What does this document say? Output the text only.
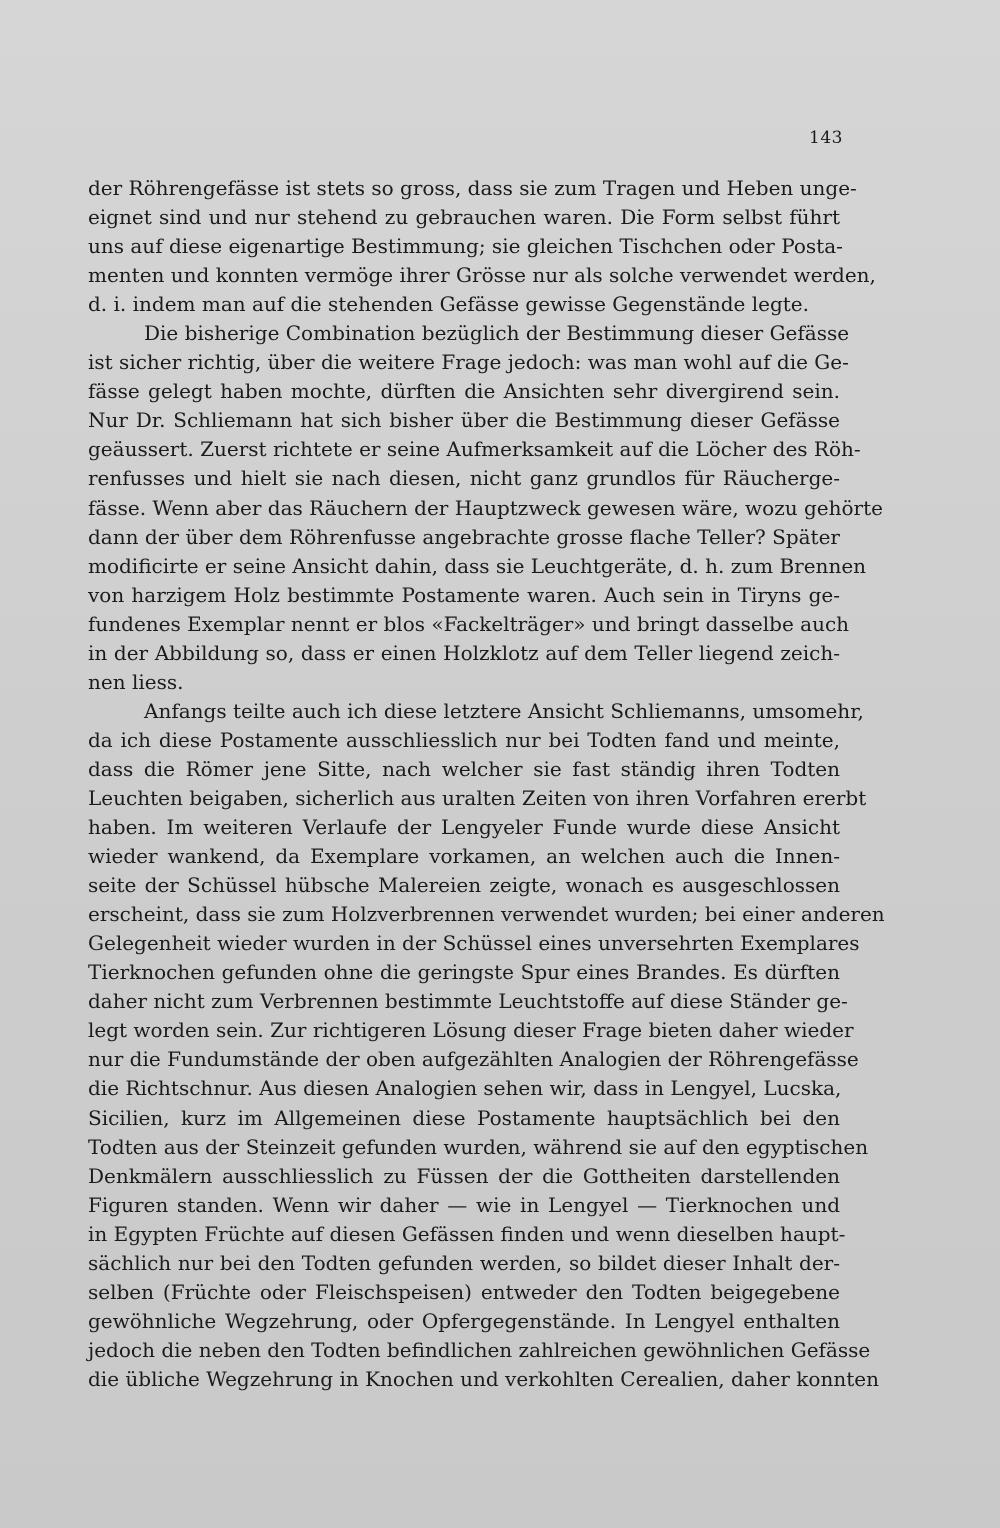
143
der Röhrengefässe ist stets so gross, dass sie zum Tragen und Heben unge-
eignet sind und nur stehend zu gebrauchen waren. Die Form selbst führt
uns auf diese eigenartige Bestimmung; sie gleichen Tischchen oder Posta-
menten und konnten vermöge ihrer Grösse nur als solche verwendet werden,
d. i. indem man auf die stehenden Gefässe gewisse Gegenstände legte.
Die bisherige Combination bezüglich der Bestimmung dieser Gefässe
ist sicher richtig, über die weitere Frage jedoch: was man wohl auf die Ge-
fässe gelegt haben mochte, dürften die Ansichten sehr divergirend sein.
Nur Dr. Schliemann hat sich bisher über die Bestimmung dieser Gefässe
geäussert. Zuerst richtete er seine Aufmerksamkeit auf die Löcher des Röh-
renfusses und hielt sie nach diesen, nicht ganz grundlos für Räucherge-
fässe. Wenn aber das Räuchern der Hauptzweck gewesen wäre, wozu gehörte
dann der über dem Röhrenfusse angebrachte grosse flache Teller? Später
modificirte er seine Ansicht dahin, dass sie Leuchtgeräte, d. h. zum Brennen
von harzigem Holz bestimmte Postamente waren. Auch sein in Tiryns ge-
fundenes Exemplar nennt er blos «Fackelträger» und bringt dasselbe auch
in der Abbildung so, dass er einen Holzklotz auf dem Teller liegend zeich-
nen liess.
Anfangs teilte auch ich diese letztere Ansicht Schliemanns, umsomehr,
da ich diese Postamente ausschliesslich nur bei Todten fand und meinte,
dass die Römer jene Sitte, nach welcher sie fast ständig ihren Todten
Leuchten beigaben, sicherlich aus uralten Zeiten von ihren Vorfahren ererbt
haben. Im weiteren Verlaufe der Lengyeler Funde wurde diese Ansicht
wieder wankend, da Exemplare vorkamen, an welchen auch die Innen-
seite der Schüssel hübsche Malereien zeigte, wonach es ausgeschlossen
erscheint, dass sie zum Holzverbrennen verwendet wurden; bei einer anderen
Gelegenheit wieder wurden in der Schüssel eines unversehrten Exemplares
Tierknochen gefunden ohne die geringste Spur eines Brandes. Es dürften
daher nicht zum Verbrennen bestimmte Leuchtstoffe auf diese Ständer ge-
legt worden sein. Zur richtigeren Lösung dieser Frage bieten daher wieder
nur die Fundumstände der oben aufgezählten Analogien der Röhrengefässe
die Richtschnur. Aus diesen Analogien sehen wir, dass in Lengyel, Lucska,
Sicilien, kurz im Allgemeinen diese Postamente hauptsächlich bei den
Todten aus der Steinzeit gefunden wurden, während sie auf den egyptischen
Denkmälern ausschliesslich zu Füssen der die Gottheiten darstellenden
Figuren standen. Wenn wir daher — wie in Lengyel — Tierknochen und
in Egypten Früchte auf diesen Gefässen finden und wenn dieselben haupt-
sächlich nur bei den Todten gefunden werden, so bildet dieser Inhalt der-
selben (Früchte oder Fleischspeisen) entweder den Todten beigegebene
gewöhnliche Wegzehrung, oder Opfergegenstände. In Lengyel enthalten
jedoch die neben den Todten befindlichen zahlreichen gewöhnlichen Gefässe
die übliche Wegzehrung in Knochen und verkohlten Cerealien, daher konnten
